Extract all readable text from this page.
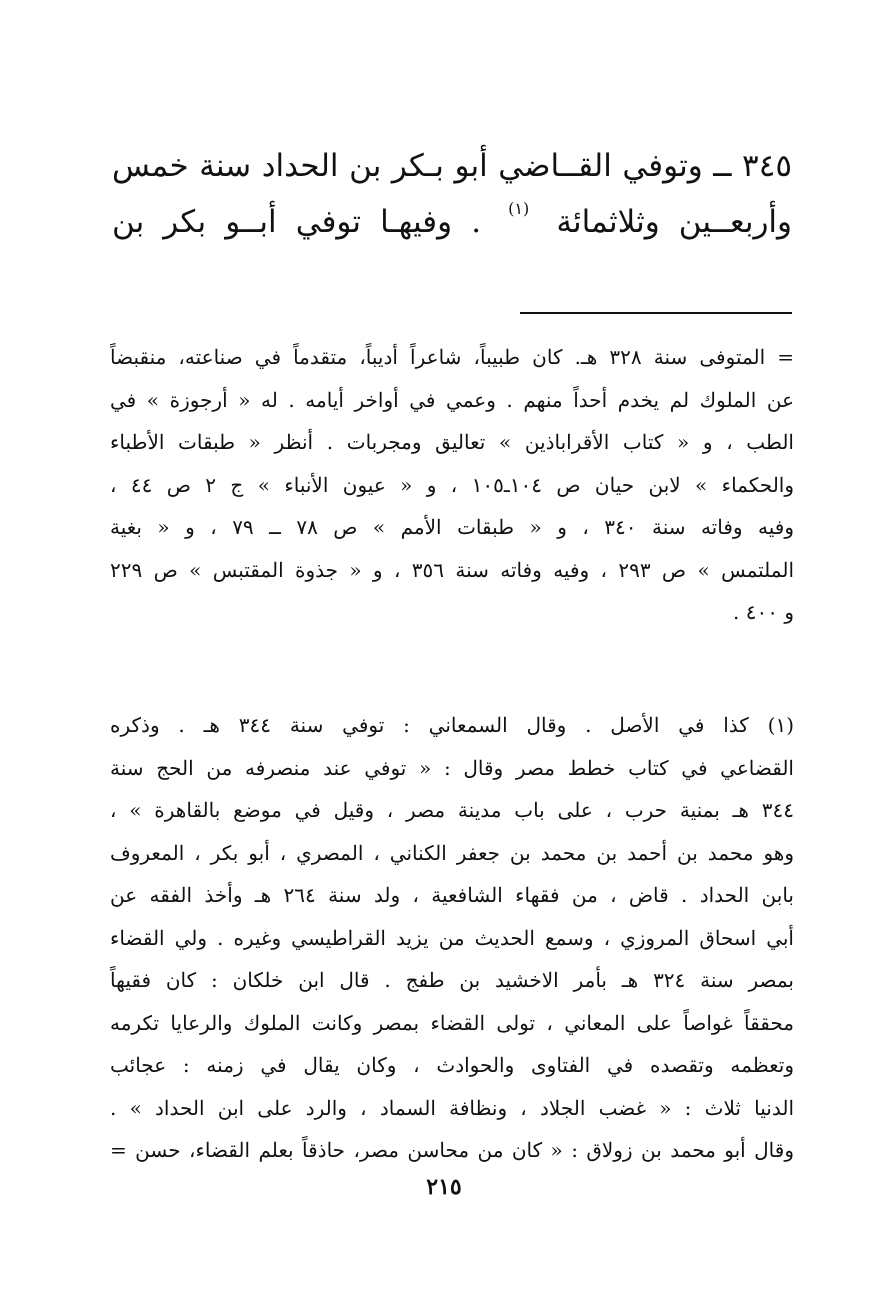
٣٤٥ ــ وتوفي القــاضي أبو بـكر بن الحداد سنة خمس
وأربعــين وثلاثمائة $^{(١)}$ . وفيهـا توفي أبــو بكر بن
= المتوفى سنة ٣٢٨ هـ. كان طبيباً، شاعراً أديباً، متقدماً في صناعته، منقبضاً
عن الملوك لم يخدم أحداً منهم . وعمي في أواخر أيامه . له « أرجوزة » في
الطب ، و « كتاب الأقراباذين » تعاليق ومجربات . أنظر « طبقات الأطباء
والحكماء » لابن حيان ص ١٠٤ـ١٠٥ ، و « عيون الأنباء » ج ٢ ص ٤٤ ،
وفيه وفاته سنة ٣٤٠ ، و « طبقات الأمم » ص ٧٨ ــ ٧٩ ، و « بغية
الملتمس » ص ٢٩٣ ، وفيه وفاته سنة ٣٥٦ ، و « جذوة المقتبس » ص ٢٢٩
و ٤٠٠ .
(١) كذا في الأصل . وقال السمعاني : توفي سنة ٣٤٤ هـ . وذكره
القضاعي في كتاب خطط مصر وقال : « توفي عند منصرفه من الحج سنة
٣٤٤ هـ بمنية حرب ، على باب مدينة مصر ، وقيل في موضع بالقاهرة » ،
وهو محمد بن أحمد بن محمد بن جعفر الكناني ، المصري ، أبو بكر ، المعروف
بابن الحداد . قاض ، من فقهاء الشافعية ، ولد سنة ٢٦٤ هـ وأخذ الفقه عن
أبي اسحاق المروزي ، وسمع الحديث من يزيد القراطيسي وغيره . ولي القضاء
بمصر سنة ٣٢٤ هـ بأمر الاخشيد بن طفج . قال ابن خلكان : كان فقيهاً
محققاً غواصاً على المعاني ، تولى القضاء بمصر وكانت الملوك والرعايا تكرمه
وتعظمه وتقصده في الفتاوى والحوادث ، وكان يقال في زمنه : عجائب
الدنيا ثلاث : « غضب الجلاد ، ونظافة السماد ، والرد على ابن الحداد » .
وقال أبو محمد بن زولاق : « كان من محاسن مصر، حاذقاً بعلم القضاء، حسن =
٢١٥
